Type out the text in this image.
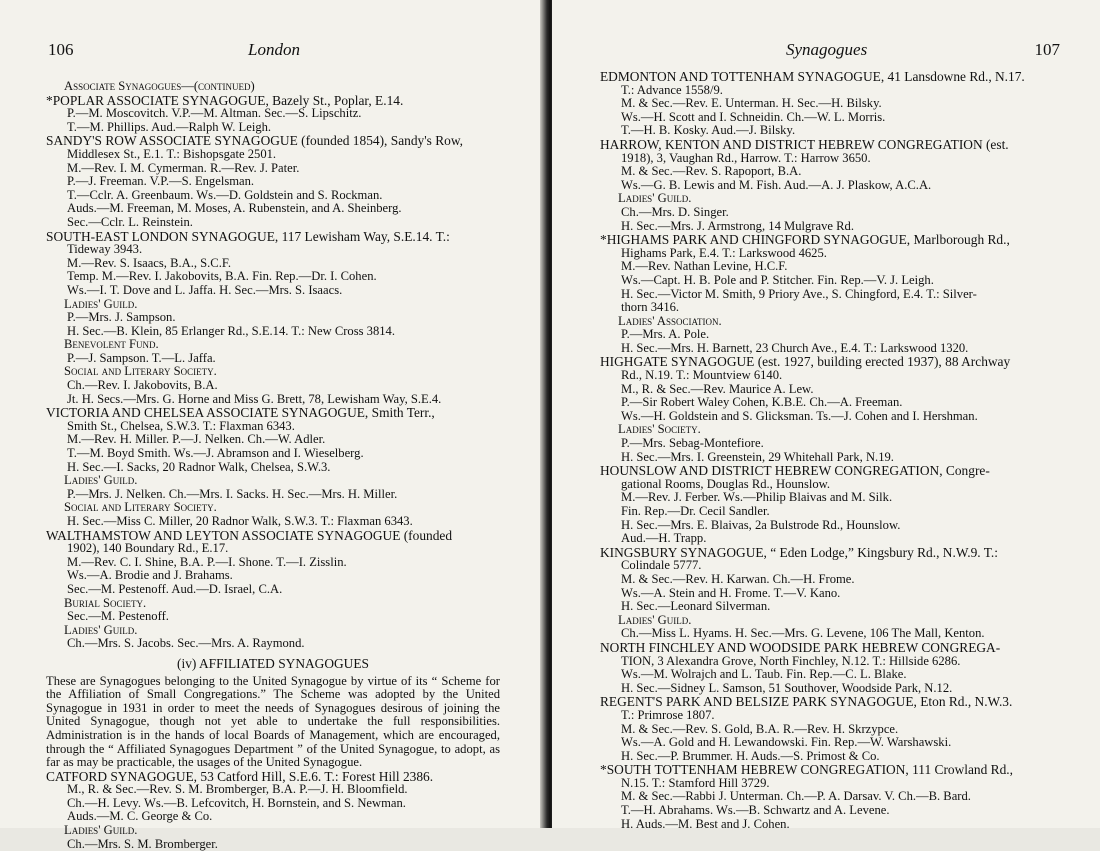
106	London
Associate Synagogues—(continued)
*POPLAR ASSOCIATE SYNAGOGUE, Bazely St., Poplar, E.14.
P.—M. Moscovitch. V.P.—M. Altman. Sec.—S. Lipschitz.
T.—M. Phillips. Aud.—Ralph W. Leigh.
SANDY'S ROW ASSOCIATE SYNAGOGUE (founded 1854), Sandy's Row,
Middlesex St., E.1. T.: Bishopsgate 2501.
M.—Rev. I. M. Cymerman. R.—Rev. J. Pater.
P.—J. Freeman. V.P.—S. Engelsman.
T.—Cclr. A. Greenbaum. Ws.—D. Goldstein and S. Rockman.
Auds.—M. Freeman, M. Moses, A. Rubenstein, and A. Sheinberg.
Sec.—Cclr. L. Reinstein.
SOUTH-EAST LONDON SYNAGOGUE, 117 Lewisham Way, S.E.14. T.:
Tideway 3943.
M.—Rev. S. Isaacs, B.A., S.C.F.
Temp. M.—Rev. I. Jakobovits, B.A. Fin. Rep.—Dr. I. Cohen.
Ws.—I. T. Dove and L. Jaffa. H. Sec.—Mrs. S. Isaacs.
Ladies' Guild.
P.—Mrs. J. Sampson.
H. Sec.—B. Klein, 85 Erlanger Rd., S.E.14. T.: New Cross 3814.
Benevolent Fund.
P.—J. Sampson. T.—L. Jaffa.
Social and Literary Society.
Ch.—Rev. I. Jakobovits, B.A.
Jt. H. Secs.—Mrs. G. Horne and Miss G. Brett, 78, Lewisham Way, S.E.4.
VICTORIA AND CHELSEA ASSOCIATE SYNAGOGUE, Smith Terr.,
Smith St., Chelsea, S.W.3. T.: Flaxman 6343.
M.—Rev. H. Miller. P.—J. Nelken. Ch.—W. Adler.
T.—M. Boyd Smith. Ws.—J. Abramson and I. Wieselberg.
H. Sec.—I. Sacks, 20 Radnor Walk, Chelsea, S.W.3.
Ladies' Guild.
P.—Mrs. J. Nelken. Ch.—Mrs. I. Sacks. H. Sec.—Mrs. H. Miller.
Social and Literary Society.
H. Sec.—Miss C. Miller, 20 Radnor Walk, S.W.3. T.: Flaxman 6343.
WALTHAMSTOW AND LEYTON ASSOCIATE SYNAGOGUE (founded
1902), 140 Boundary Rd., E.17.
M.—Rev. C. I. Shine, B.A. P.—I. Shone. T.—I. Zisslin.
Ws.—A. Brodie and J. Brahams.
Sec.—M. Pestenoff. Aud.—D. Israel, C.A.
Burial Society.
Sec.—M. Pestenoff.
Ladies' Guild.
Ch.—Mrs. S. Jacobs. Sec.—Mrs. A. Raymond.
(iv) AFFILIATED SYNAGOGUES

These are Synagogues belonging to the United Synagogue by virtue of its “ Scheme for the Affiliation of Small Congregations.” The Scheme was adopted by the United Synagogue in 1931 in order to meet the needs of Synagogues desirous of joining the United Synagogue, though not yet able to undertake the full responsibilities. Administration is in the hands of local Boards of Management, which are encouraged, through the “ Affiliated Synagogues Department ” of the United Synagogue, to adopt, as far as may be practicable, the usages of the United Synagogue.

CATFORD SYNAGOGUE, 53 Catford Hill, S.E.6. T.: Forest Hill 2386.
M., R. & Sec.—Rev. S. M. Bromberger, B.A. P.—J. H. Bloomfield.
Ch.—H. Levy. Ws.—B. Lefcovitch, H. Bornstein, and S. Newman.
Auds.—M. C. George & Co.
Ladies' Guild.
Ch.—Mrs. S. M. Bromberger.
Synagogues	107
EDMONTON AND TOTTENHAM SYNAGOGUE, 41 Lansdowne Rd., N.17.
T.: Advance 1558/9.
M. & Sec.—Rev. E. Unterman. H. Sec.—H. Bilsky.
Ws.—H. Scott and I. Schneidin. Ch.—W. L. Morris.
T.—H. B. Kosky. Aud.—J. Bilsky.
HARROW, KENTON AND DISTRICT HEBREW CONGREGATION (est.
1918), 3, Vaughan Rd., Harrow. T.: Harrow 3650.
M. & Sec.—Rev. S. Rapoport, B.A.
Ws.—G. B. Lewis and M. Fish. Aud.—A. J. Plaskow, A.C.A.
Ladies' Guild.
Ch.—Mrs. D. Singer.
H. Sec.—Mrs. J. Armstrong, 14 Mulgrave Rd.
*HIGHAMS PARK AND CHINGFORD SYNAGOGUE, Marlborough Rd.,
Highams Park, E.4. T.: Larkswood 4625.
M.—Rev. Nathan Levine, H.C.F.
Ws.—Capt. H. B. Pole and P. Stitcher. Fin. Rep.—V. J. Leigh.
H. Sec.—Victor M. Smith, 9 Priory Ave., S. Chingford, E.4. T.: Silver-
thorn 3416.
Ladies' Association.
P.—Mrs. A. Pole.
H. Sec.—Mrs. H. Barnett, 23 Church Ave., E.4. T.: Larkswood 1320.
HIGHGATE SYNAGOGUE (est. 1927, building erected 1937), 88 Archway
Rd., N.19. T.: Mountview 6140.
M., R. & Sec.—Rev. Maurice A. Lew.
P.—Sir Robert Waley Cohen, K.B.E. Ch.—A. Freeman.
Ws.—H. Goldstein and S. Glicksman. Ts.—J. Cohen and I. Hershman.
Ladies' Society.
P.—Mrs. Sebag-Montefiore.
H. Sec.—Mrs. I. Greenstein, 29 Whitehall Park, N.19.
HOUNSLOW AND DISTRICT HEBREW CONGREGATION, Congre-
gational Rooms, Douglas Rd., Hounslow.
M.—Rev. J. Ferber. Ws.—Philip Blaivas and M. Silk.
Fin. Rep.—Dr. Cecil Sandler.
H. Sec.—Mrs. E. Blaivas, 2a Bulstrode Rd., Hounslow.
Aud.—H. Trapp.
KINGSBURY SYNAGOGUE, “ Eden Lodge,” Kingsbury Rd., N.W.9. T.:
Colindale 5777.
M. & Sec.—Rev. H. Karwan. Ch.—H. Frome.
Ws.—A. Stein and H. Frome. T.—V. Kano.
H. Sec.—Leonard Silverman.
Ladies' Guild.
Ch.—Miss L. Hyams. H. Sec.—Mrs. G. Levene, 106 The Mall, Kenton.
NORTH FINCHLEY AND WOODSIDE PARK HEBREW CONGREGA-
TION, 3 Alexandra Grove, North Finchley, N.12. T.: Hillside 6286.
Ws.—M. Wolrajch and L. Taub. Fin. Rep.—C. L. Blake.
H. Sec.—Sidney L. Samson, 51 Southover, Woodside Park, N.12.
REGENT'S PARK AND BELSIZE PARK SYNAGOGUE, Eton Rd., N.W.3.
T.: Primrose 1807.
M. & Sec.—Rev. S. Gold, B.A. R.—Rev. H. Skrzypce.
Ws.—A. Gold and H. Lewandowski. Fin. Rep.—W. Warshawski.
H. Sec.—P. Brummer. H. Auds.—S. Primost & Co.
*SOUTH TOTTENHAM HEBREW CONGREGATION, 111 Crowland Rd.,
N.15. T.: Stamford Hill 3729.
M. & Sec.—Rabbi J. Unterman. Ch.—P. A. Darsav. V. Ch.—B. Bard.
T.—H. Abrahams. Ws.—B. Schwartz and A. Levene.
H. Auds.—M. Best and J. Cohen.
